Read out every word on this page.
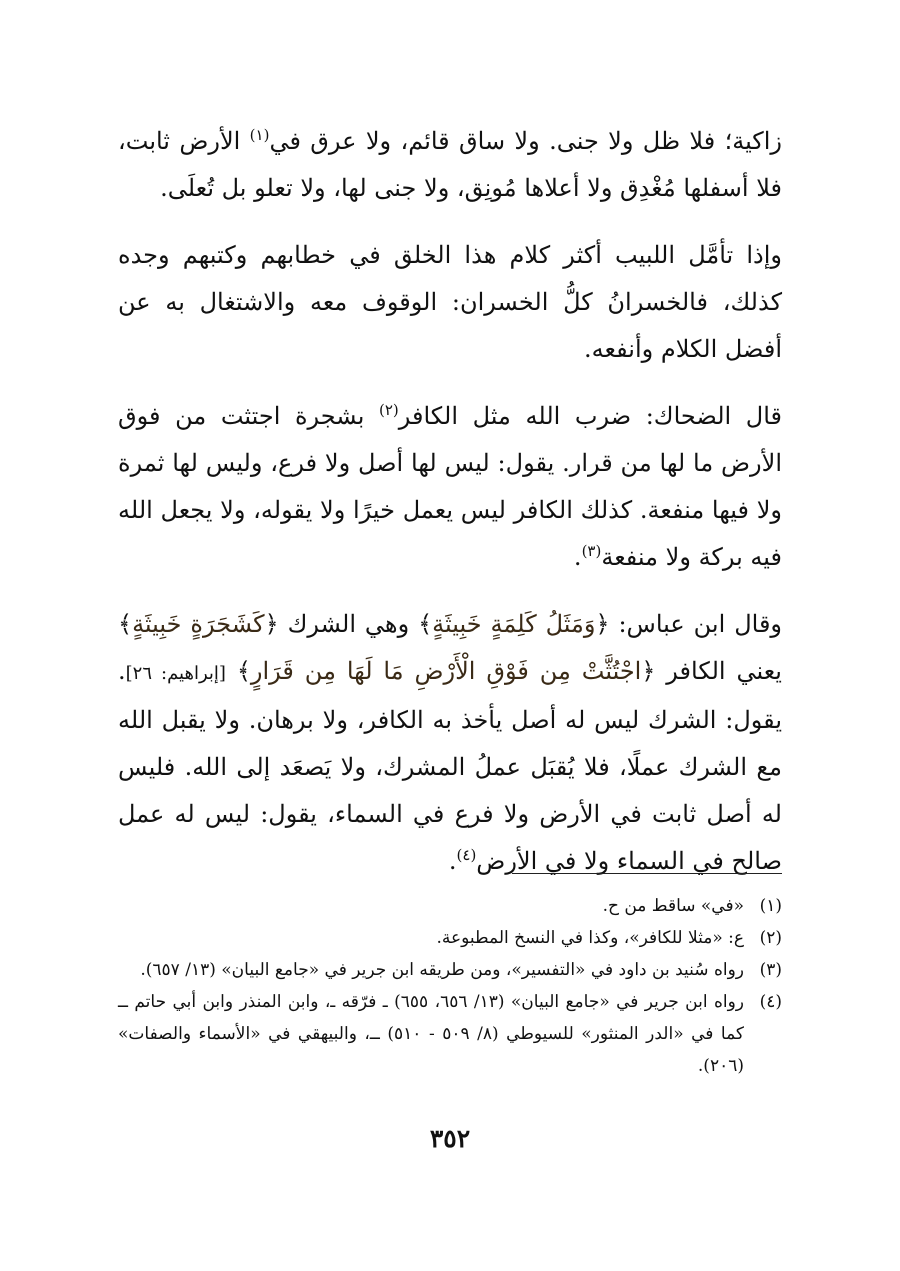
زاكية؛ فلا ظل ولا جنى. ولا ساق قائم، ولا عرق في$^{(١)}$ الأرض ثابت، فلا أسفلها مُغْدِق ولا أعلاها مُونِق، ولا جنى لها، ولا تعلو بل تُعلَى.

وإذا تأمَّل اللبيب أكثر كلام هذا الخلق في خطابهم وكتبهم وجده كذلك، فالخسرانُ كلُّ الخسران: الوقوف معه والاشتغال به عن أفضل الكلام وأنفعه.

قال الضحاك: ضرب الله مثل الكافر$^{(٢)}$ بشجرة اجتثت من فوق الأرض ما لها من قرار. يقول: ليس لها أصل ولا فرع، وليس لها ثمرة ولا فيها منفعة. كذلك الكافر ليس يعمل خيرًا ولا يقوله، ولا يجعل الله فيه بركة ولا منفعة$^{(٣)}$.

وقال ابن عباس: ﴿وَمَثَلُ كَلِمَةٍ خَبِيثَةٍ﴾ وهي الشرك ﴿كَشَجَرَةٍ خَبِيثَةٍ﴾ يعني الكافر ﴿اجْتُثَّتْ مِن فَوْقِ الْأَرْضِ مَا لَهَا مِن قَرَارٍ﴾ [إبراهيم: ٢٦]. يقول: الشرك ليس له أصل يأخذ به الكافر، ولا برهان. ولا يقبل الله مع الشرك عملًا، فلا يُقبَل عملُ المشرك، ولا يَصعَد إلى الله. فليس له أصل ثابت في الأرض ولا فرع في السماء، يقول: ليس له عمل صالح في السماء ولا في الأرض$^{(٤)}$.

(١)
«في» ساقط من ح.
(٢)
ع: «مثلا للكافر»، وكذا في النسخ المطبوعة.
(٣)
رواه سُنيد بن داود في «التفسير»، ومن طريقه ابن جرير في «جامع البيان» (١٣/ ٦٥٧).
(٤)
رواه ابن جرير في «جامع البيان» (١٣/ ٦٥٦، ٦٥٥) ـ فرّقه ـ، وابن المنذر وابن أبي حاتم ــ كما في «الدر المنثور» للسيوطي (٨/ ٥٠٩ - ٥١٠) ــ، والبيهقي في «الأسماء والصفات» (٢٠٦).
٣٥٢
